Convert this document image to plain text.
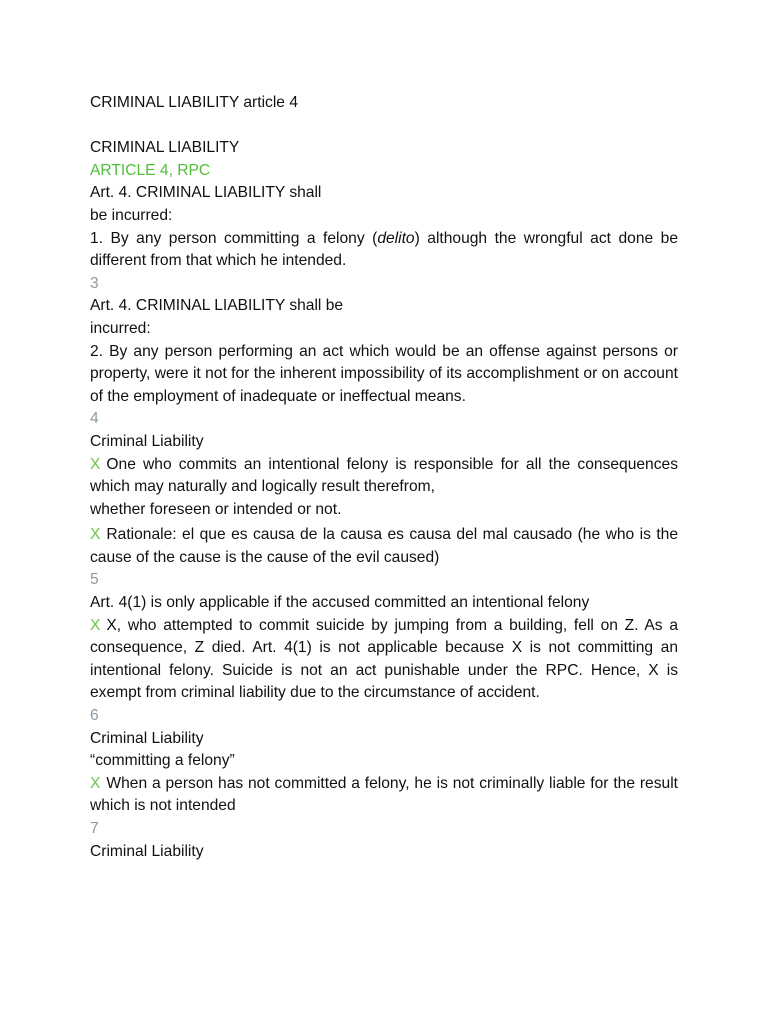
CRIMINAL LIABILITY article 4
CRIMINAL LIABILITY
ARTICLE 4, RPC
Art. 4. CRIMINAL LIABILITY shall
be incurred:
1. By any person committing a felony (delito) although the wrongful act done be different from that which he intended.
3
Art. 4. CRIMINAL LIABILITY shall be
incurred:
2. By any person performing an act which would be an offense against persons or property, were it not for the inherent impossibility of its accomplishment or on account of the employment of inadequate or ineffectual means.
4
Criminal Liability
X One who commits an intentional felony is responsible for all the consequences which may naturally and logically result therefrom,
whether foreseen or intended or not.
X Rationale: el que es causa de la causa es causa del mal causado (he who is the cause of the cause is the cause of the evil caused)
5
Art. 4(1) is only applicable if the accused committed an intentional felony
X X, who attempted to commit suicide by jumping from a building, fell on Z. As a consequence, Z died. Art. 4(1) is not applicable because X is not committing an intentional felony. Suicide is not an act punishable under the RPC. Hence, X is exempt from criminal liability due to the circumstance of accident.
6
Criminal Liability
“committing a felony”
X When a person has not committed a felony, he is not criminally liable for the result which is not intended
7
Criminal Liability
